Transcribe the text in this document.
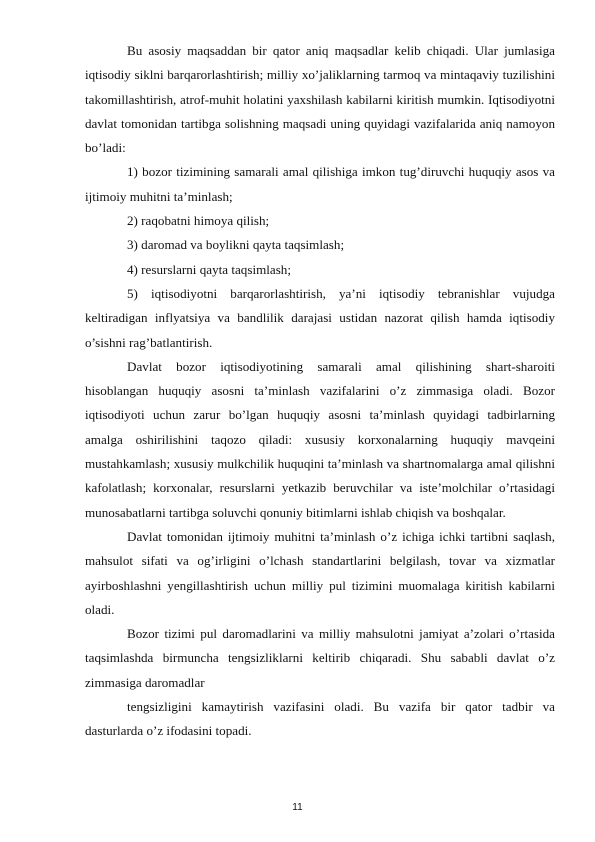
Bu asosiy maqsaddan bir qator aniq maqsadlar kelib chiqadi. Ular jumlasiga iqtisodiy siklni barqarorlashtirish; milliy xo’jaliklarning tarmoq va mintaqaviy tuzilishini takomillashtirish, atrof-muhit holatini yaxshilash kabilarni kiritish mumkin. Iqtisodiyotni davlat tomonidan tartibga solishning maqsadi uning quyidagi vazifalarida aniq namoyon bo’ladi:

1) bozor tizimining samarali amal qilishiga imkon tug’diruvchi huquqiy asos va ijtimoiy muhitni ta’minlash;

2) raqobatni himoya qilish;

3) daromad va boylikni qayta taqsimlash;

4) resurslarni qayta taqsimlash;

5) iqtisodiyotni barqarorlashtirish, ya’ni iqtisodiy tebranishlar vujudga keltiradigan inflyatsiya va bandlilik darajasi ustidan nazorat qilish hamda iqtisodiy o’sishni rag’batlantirish.

Davlat bozor iqtisodiyotining samarali amal qilishining shart-sharoiti hisoblangan huquqiy asosni ta’minlash vazifalarini o’z zimmasiga oladi. Bozor iqtisodiyoti uchun zarur bo’lgan huquqiy asosni ta’minlash quyidagi tadbirlarning amalga oshirilishini taqozo qiladi: xususiy korxonalarning huquqiy mavqeini mustahkamlash; xususiy mulkchilik huquqini ta’minlash va shartnomalarga amal qilishni kafolatlash; korxonalar, resurslarni yetkazib beruvchilar va iste’molchilar o’rtasidagi munosabatlarni tartibga soluvchi qonuniy bitimlarni ishlab chiqish va boshqalar.

Davlat tomonidan ijtimoiy muhitni ta’minlash o’z ichiga ichki tartibni saqlash, mahsulot sifati va og’irligini o’lchash standartlarini belgilash, tovar va xizmatlar ayirboshlashni yengillashtirish uchun milliy pul tizimini muomalaga kiritish kabilarni oladi.

Bozor tizimi pul daromadlarini va milliy mahsulotni jamiyat a’zolari o’rtasida taqsimlashda birmuncha tengsizliklarni keltirib chiqaradi. Shu sababli davlat o’z zimmasiga daromadlar

tengsizligini kamaytirish vazifasini oladi. Bu vazifa bir qator tadbir va dasturlarda o’z ifodasini topadi.

11
